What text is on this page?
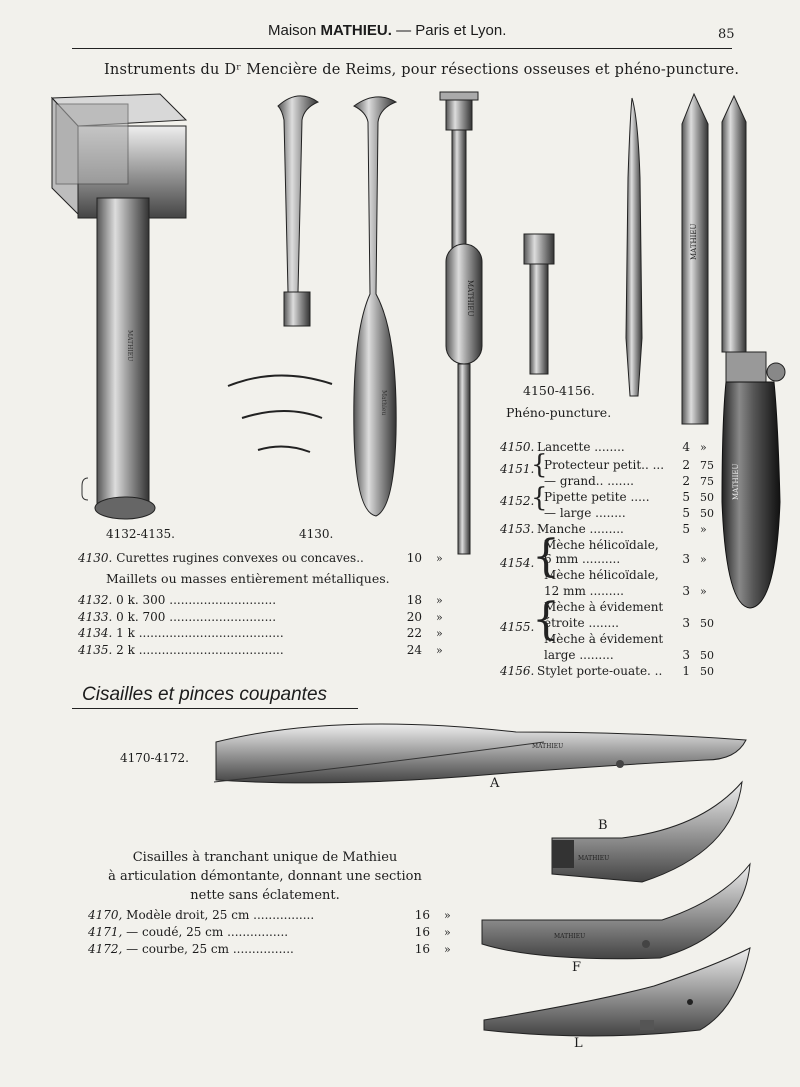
Maison MATHIEU. — Paris et Lyon.	85
Instruments du Dʳ Mencière de Reims, pour résections osseuses et phéno-puncture.
MATHIEU
Mathieu
MATHIEU
MATHIEU
MATHIEU
MATHIEU
MATHIEU
MATHIEU
4132-4135.	4130.
4150-4156.
Phéno-puncture.
4170-4172.
A
B
F
L
4130. Curettes rugines convexes ou concaves..	10 »
Maillets ou masses entièrement métalliques.
4132. 0 k. 300 ............................	18 »
4133. 0 k. 700 ............................	20 »
4134. 1 k ......................................	22 »
4135. 2 k ......................................	24 »
4150. Lancette ........	4 »
4151. Protecteur petit.. ...	2 75
— grand.. .......	2 75
4152. Pipette petite .....	5 50
— large ........	5 50
4153. Manche .........	5 »
Mèche hélicoïdale,
4154. 6 mm ..........	3 »
Mèche hélicoïdale,
12 mm .........	3 »
Mèche à évidement
4155. étroite ........	3 50
Mèche à évidement
large .........	3 50
4156. Stylet porte-ouate. ..	1 50
{
{
{
{
Cisailles et pinces coupantes
Cisailles à tranchant unique de Mathieu
à articulation démontante, donnant une section
nette sans éclatement.
4170, Modèle droit, 25 cm ................	16 »
4171, — coudé, 25 cm ................	16 »
4172, — courbe, 25 cm ................	16 »
